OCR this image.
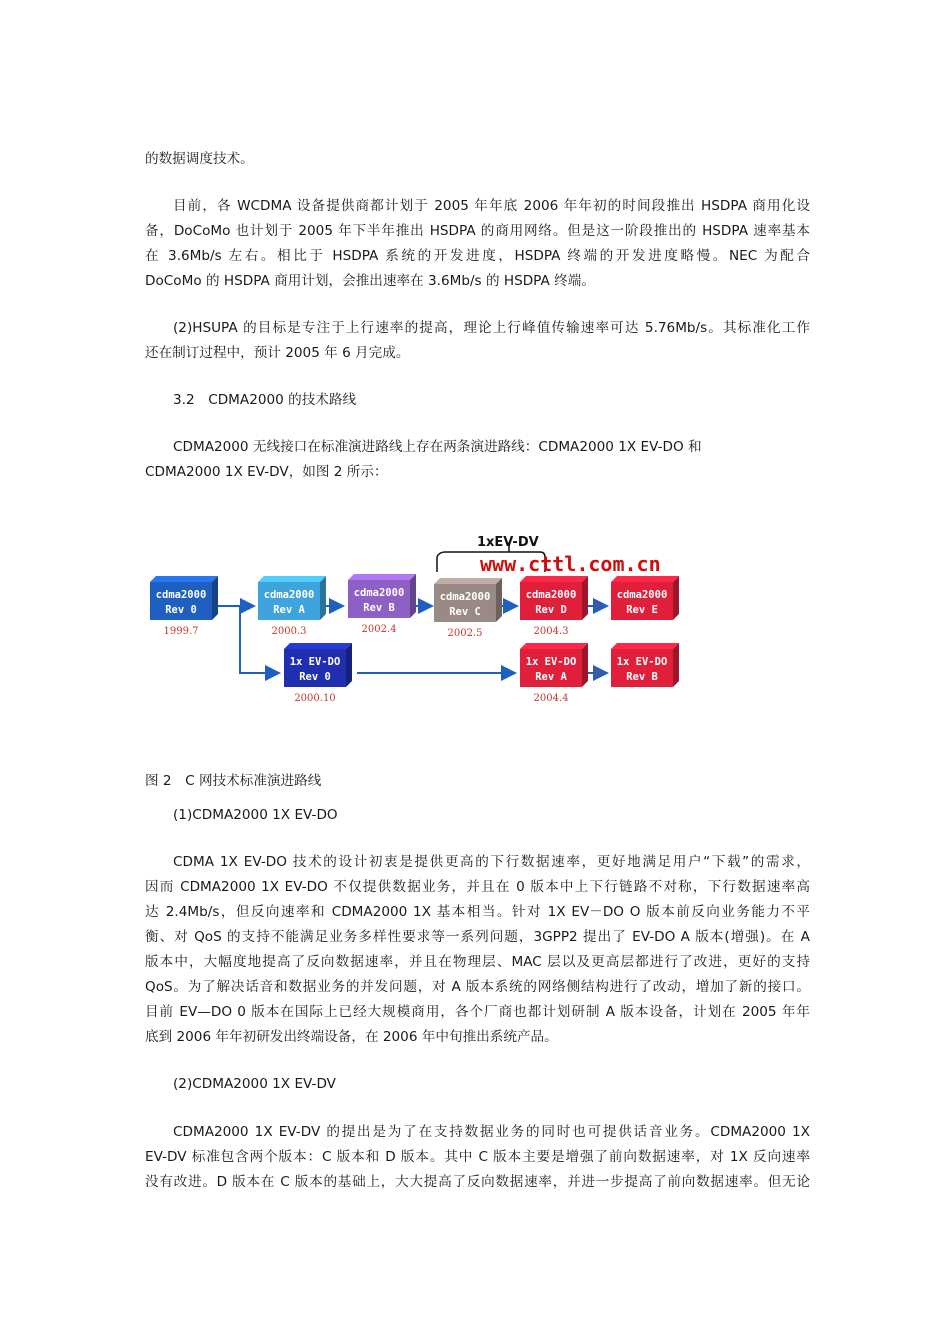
的数据调度技术。

目前，各 WCDMA 设备提供商都计划于 2005 年年底 2006 年年初的时间段推出 HSDPA 商用化设
备，DoCoMo 也计划于 2005 年下半年推出 HSDPA 的商用网络。但是这一阶段推出的 HSDPA 速率基本
在 3.6Mb/s 左右。相比于 HSDPA 系统的开发进度，HSDPA 终端的开发进度略慢。NEC 为配合
DoCoMo 的 HSDPA 商用计划，会推出速率在 3.6Mb/s 的 HSDPA 终端。

(2)HSUPA 的目标是专注于上行速率的提高，理论上行峰值传输速率可达 5.76Mb/s。其标准化工作
还在制订过程中，预计 2005 年 6 月完成。

3.2　CDMA2000 的技术路线

CDMA2000 无线接口在标准演进路线上存在两条演进路线：CDMA2000 1X EV-DO 和
CDMA2000 1X EV-DV，如图 2 所示：

1xEV-DV
www.cttl.com.cn
?
?
cdma2000
Rev 0
1999.7
cdma2000
Rev A
2000.3
cdma2000
Rev B
2002.4
cdma2000
Rev C
2002.5
cdma2000
Rev D
2004.3
cdma2000
Rev E
1x EV-DO
Rev 0
2000.10
1x EV-DO
Rev A
2004.4
1x EV-DO
Rev B

图 2　C 网技术标准演进路线

(1)CDMA2000 1X EV-DO

CDMA 1X EV-DO 技术的设计初衷是提供更高的下行数据速率，更好地满足用户“下载”的需求，
因而 CDMA2000 1X EV-DO 不仅提供数据业务，并且在 0 版本中上下行链路不对称，下行数据速率高
达 2.4Mb/s，但反向速率和 CDMA2000 1X 基本相当。针对 1X EV－DO O 版本前反向业务能力不平
衡、对 QoS 的支持不能满足业务多样性要求等一系列问题，3GPP2 提出了 EV-DO A 版本(增强)。在 A
版本中，大幅度地提高了反向数据速率，并且在物理层、MAC 层以及更高层都进行了改进，更好的支持
QoS。为了解决话音和数据业务的并发问题，对 A 版本系统的网络侧结构进行了改动，增加了新的接口。
目前 EV—DO 0 版本在国际上已经大规模商用，各个厂商也都计划研制 A 版本设备，计划在 2005 年年
底到 2006 年年初研发出终端设备，在 2006 年中旬推出系统产品。

(2)CDMA2000 1X EV-DV

CDMA2000 1X EV-DV 的提出是为了在支持数据业务的同时也可提供话音业务。CDMA2000 1X
EV-DV 标准包含两个版本：C 版本和 D 版本。其中 C 版本主要是增强了前向数据速率，对 1X 反向速率
没有改进。D 版本在 C 版本的基础上，大大提高了反向数据速率，并进一步提高了前向数据速率。但无论
